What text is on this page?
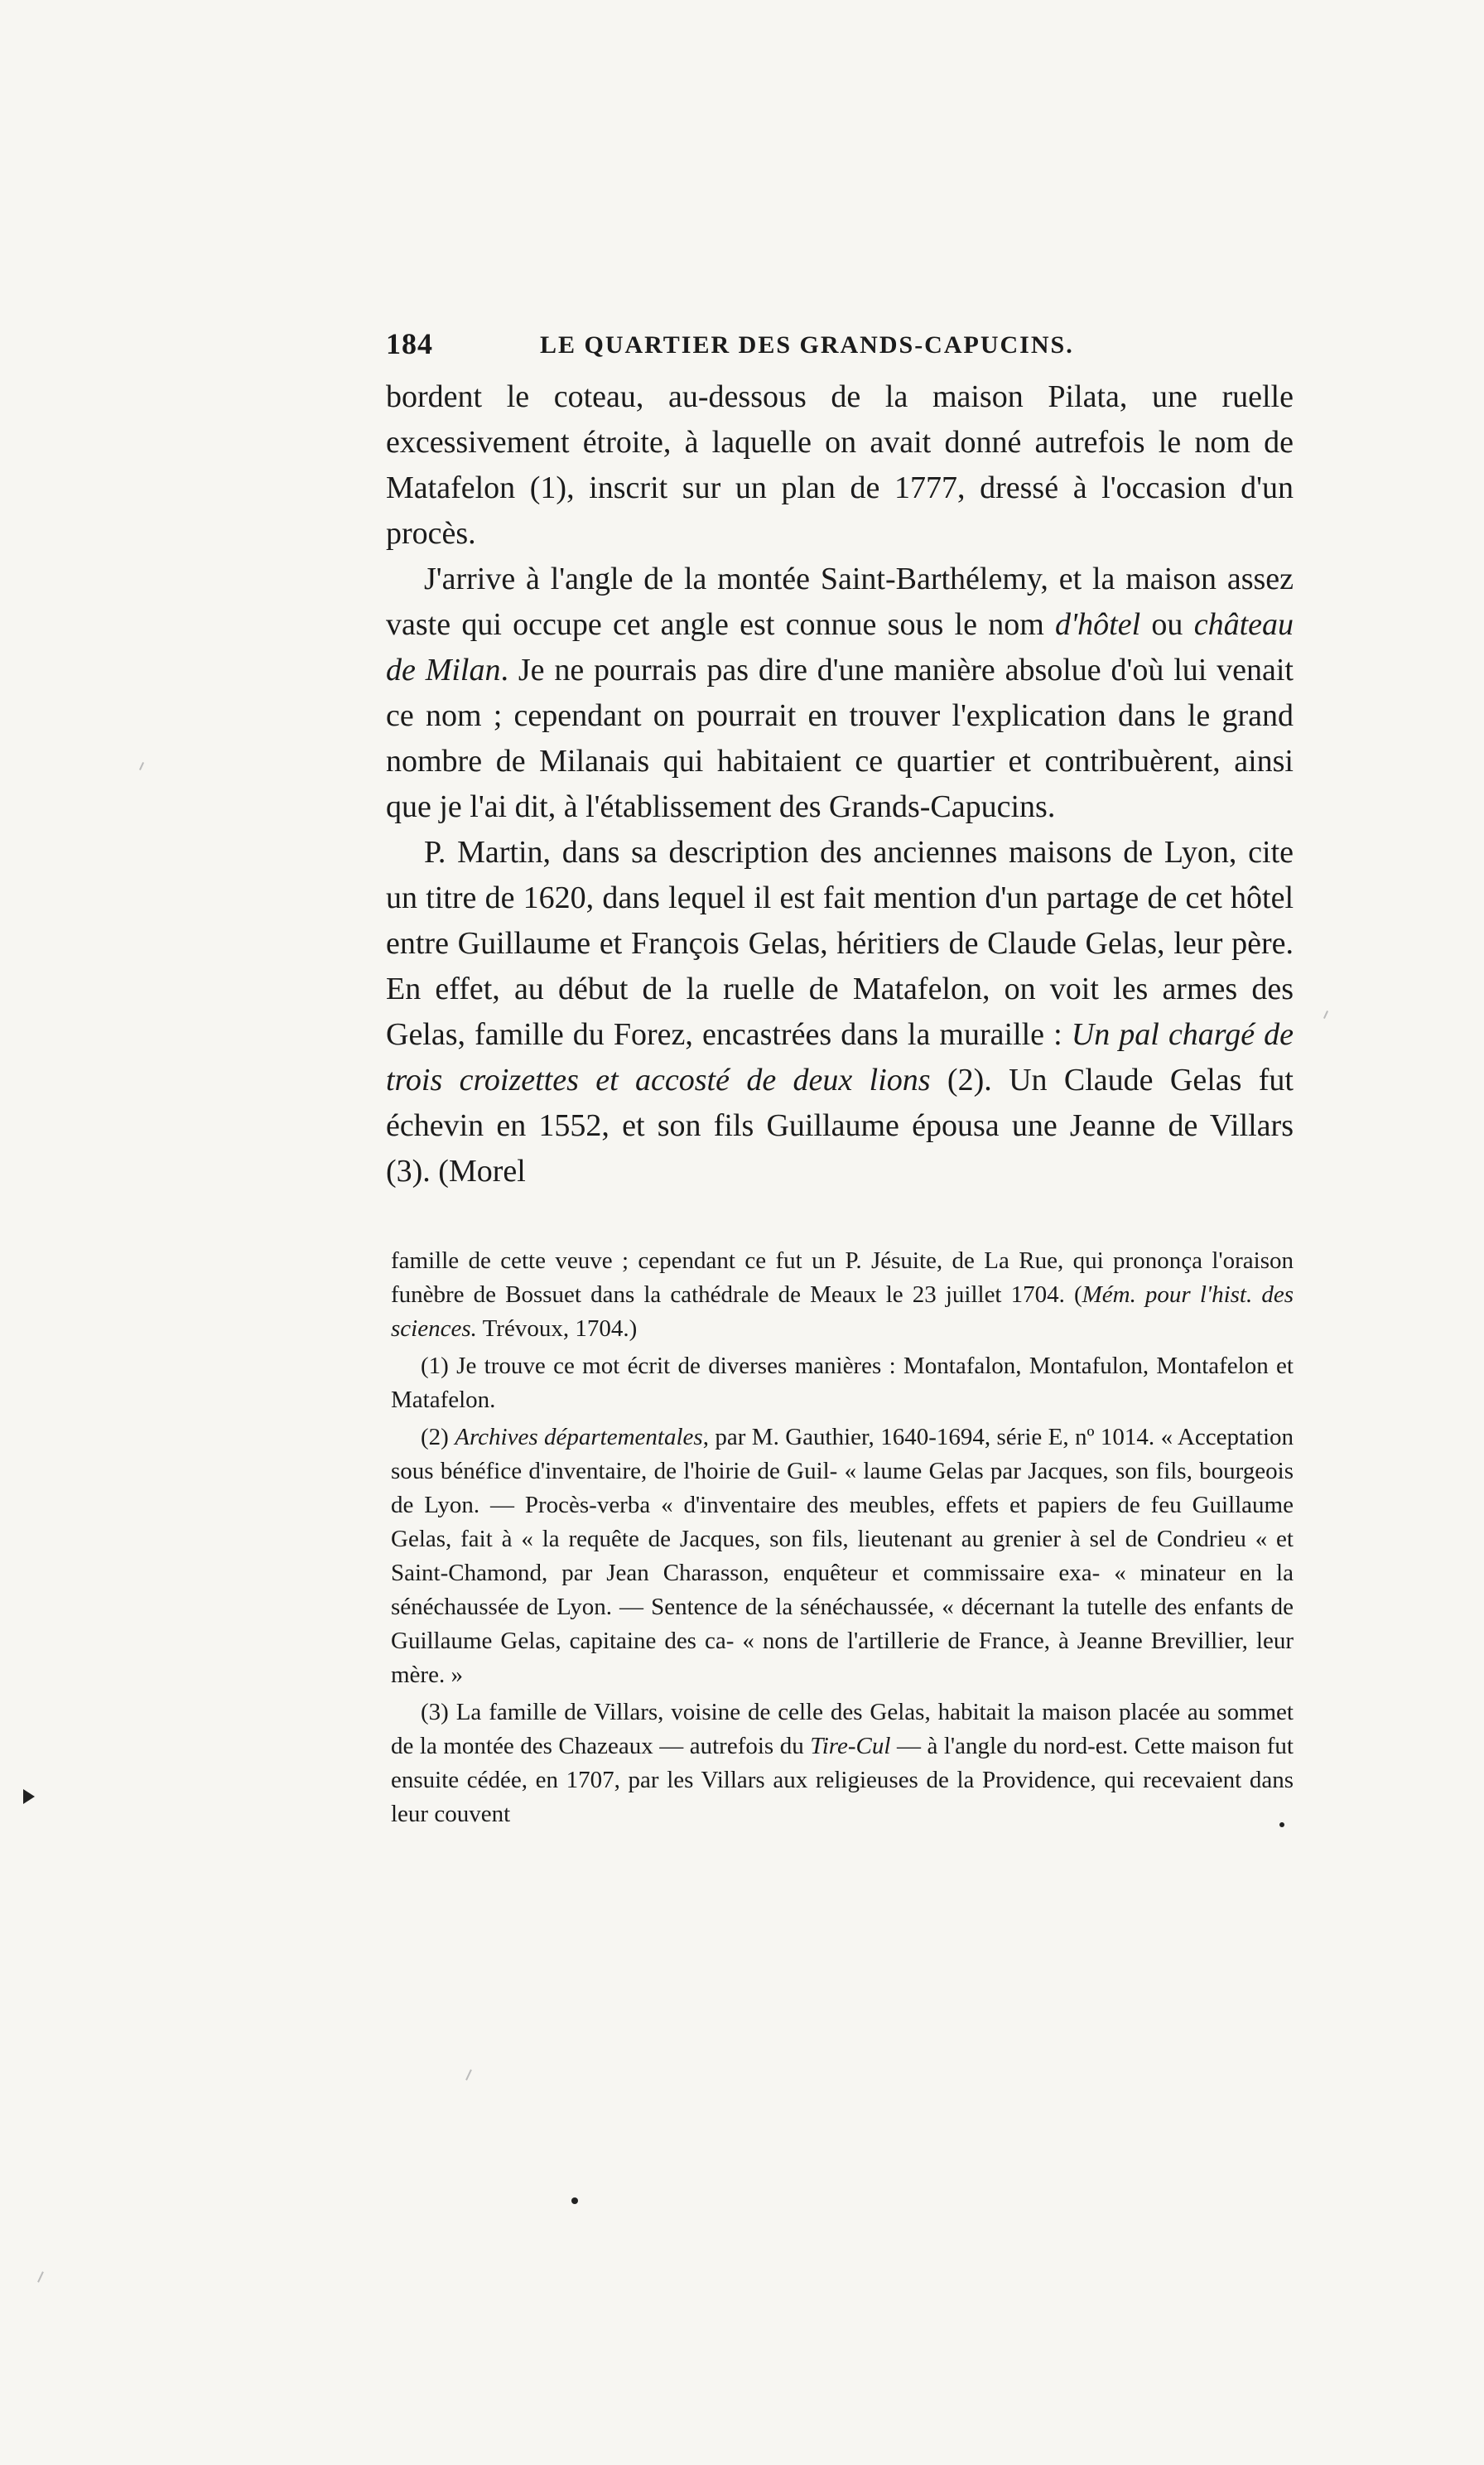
184	LE QUARTIER DES GRANDS-CAPUCINS.

bordent le coteau, au-dessous de la maison Pilata, une ruelle excessivement étroite, à laquelle on avait donné autrefois le nom de Matafelon (1), inscrit sur un plan de 1777, dressé à l'occasion d'un procès.

J'arrive à l'angle de la montée Saint-Barthélemy, et la maison assez vaste qui occupe cet angle est connue sous le nom d'hôtel ou château de Milan. Je ne pourrais pas dire d'une manière absolue d'où lui venait ce nom ; cependant on pourrait en trouver l'explication dans le grand nombre de Milanais qui habitaient ce quartier et contribuèrent, ainsi que je l'ai dit, à l'établissement des Grands-Capucins.

P. Martin, dans sa description des anciennes maisons de Lyon, cite un titre de 1620, dans lequel il est fait mention d'un partage de cet hôtel entre Guillaume et François Gelas, héritiers de Claude Gelas, leur père. En effet, au début de la ruelle de Matafelon, on voit les armes des Gelas, famille du Forez, encastrées dans la muraille : Un pal chargé de trois croizettes et accosté de deux lions (2). Un Claude Gelas fut échevin en 1552, et son fils Guillaume épousa une Jeanne de Villars (3). (Morel

famille de cette veuve ; cependant ce fut un P. Jésuite, de La Rue, qui prononça l'oraison funèbre de Bossuet dans la cathédrale de Meaux le 23 juillet 1704. (Mém. pour l'hist. des sciences. Trévoux, 1704.)

(1) Je trouve ce mot écrit de diverses manières : Montafalon, Montafulon, Montafelon et Matafelon.

(2) Archives départementales, par M. Gauthier, 1640-1694, série E, nº 1014. « Acceptation sous bénéfice d'inventaire, de l'hoirie de Guil- « laume Gelas par Jacques, son fils, bourgeois de Lyon. — Procès-verba « d'inventaire des meubles, effets et papiers de feu Guillaume Gelas, fait à « la requête de Jacques, son fils, lieutenant au grenier à sel de Condrieu « et Saint-Chamond, par Jean Charasson, enquêteur et commissaire exa- « minateur en la sénéchaussée de Lyon. — Sentence de la sénéchaussée, « décernant la tutelle des enfants de Guillaume Gelas, capitaine des ca- « nons de l'artillerie de France, à Jeanne Brevillier, leur mère. »

(3) La famille de Villars, voisine de celle des Gelas, habitait la maison placée au sommet de la montée des Chazeaux — autrefois du Tire-Cul — à l'angle du nord-est. Cette maison fut ensuite cédée, en 1707, par les Villars aux religieuses de la Providence, qui recevaient dans leur couvent
